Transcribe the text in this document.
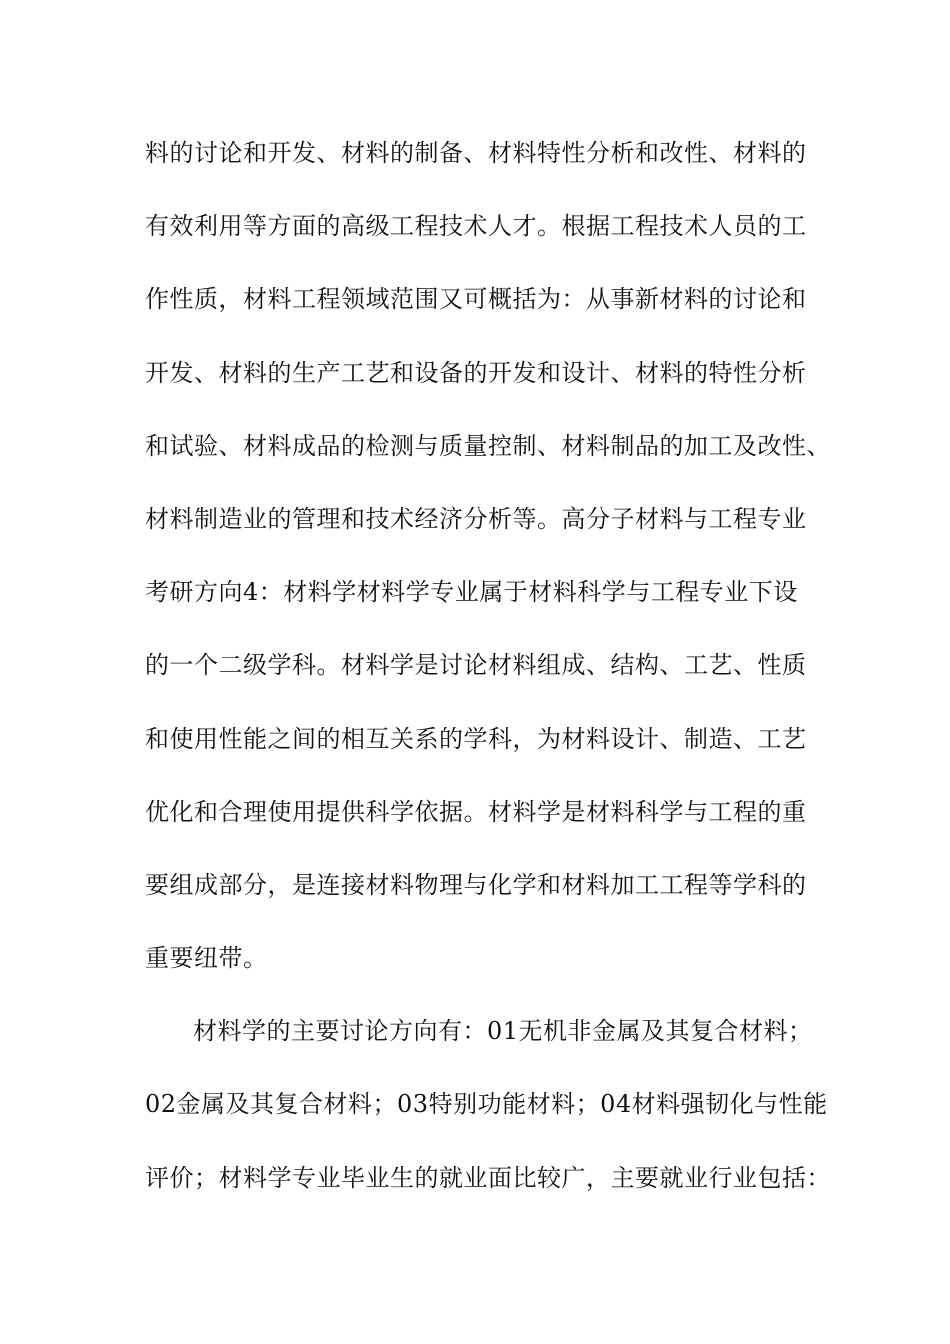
料的讨论和开发、材料的制备、材料特性分析和改性、材料的
有效利用等方面的高级工程技术人才。根据工程技术人员的工
作性质，材料工程领域范围又可概括为：从事新材料的讨论和
开发、材料的生产工艺和设备的开发和设计、材料的特性分析
和试验、材料成品的检测与质量控制、材料制品的加工及改性、
材料制造业的管理和技术经济分析等。高分子材料与工程专业
考研方向4：材料学材料学专业属于材料科学与工程专业下设
的一个二级学科。材料学是讨论材料组成、结构、工艺、性质
和使用性能之间的相互关系的学科，为材料设计、制造、工艺
优化和合理使用提供科学依据。材料学是材料科学与工程的重
要组成部分，是连接材料物理与化学和材料加工工程等学科的
重要纽带。
材料学的主要讨论方向有：01无机非金属及其复合材料；
02金属及其复合材料；03特别功能材料；04材料强韧化与性能
评价；材料学专业毕业生的就业面比较广，主要就业行业包括：
